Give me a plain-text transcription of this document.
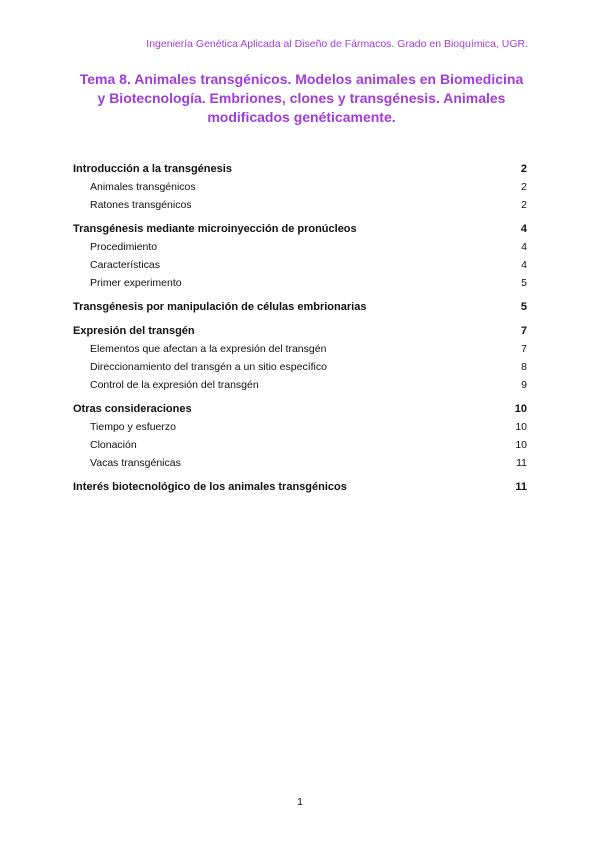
Ingeniería Genética Aplicada al Diseño de Fármacos. Grado en Bioquímica, UGR.
Tema 8. Animales transgénicos. Modelos animales en Biomedicina
y Biotecnología. Embriones, clones y transgénesis. Animales
modificados genéticamente.
Introducción a la transgénesis	2
Animales transgénicos	2
Ratones transgénicos	2
Transgénesis mediante microinyección de pronúcleos	4
Procedimiento	4
Características	4
Primer experimento	5
Transgénesis por manipulación de células embrionarias	5
Expresión del transgén	7
Elementos que afectan a la expresión del transgén	7
Direccionamiento del transgén a un sitio específico	8
Control de la expresión del transgén	9
Otras consideraciones	10
Tiempo y esfuerzo	10
Clonación	10
Vacas transgénicas	11
Interés biotecnológico de los animales transgénicos	11
1
